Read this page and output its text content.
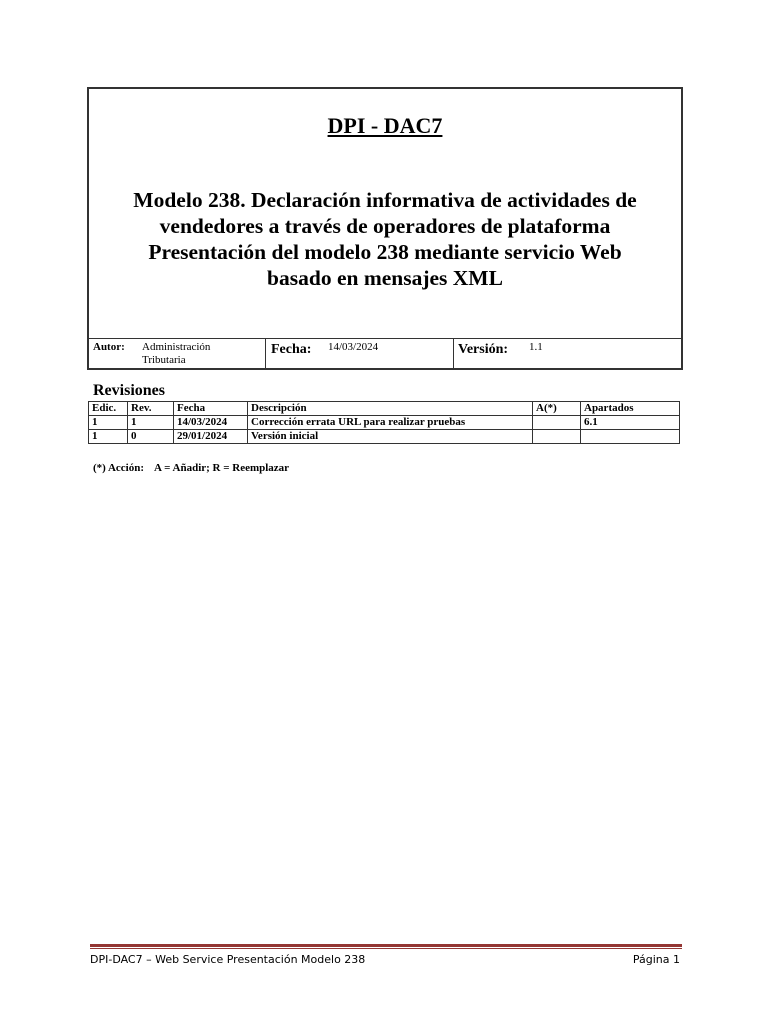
DPI - DAC7
Modelo 238. Declaración informativa de actividades de
vendedores a través de operadores de plataforma
Presentación del modelo 238 mediante servicio Web
basado en mensajes XML
Autor: Administración
Tributaria
Fecha: 14/03/2024	Versión: 1.1
Revisiones
Edic.	Rev.	Fecha	Descripción	A(*)	Apartados
1	1	14/03/2024	Corrección errata URL para realizar pruebas		6.1
1	0	29/01/2024	Versión inicial		
(*) Acción: A = Añadir; R = Reemplazar
DPI-DAC7 – Web Service Presentación Modelo 238	Página 1
